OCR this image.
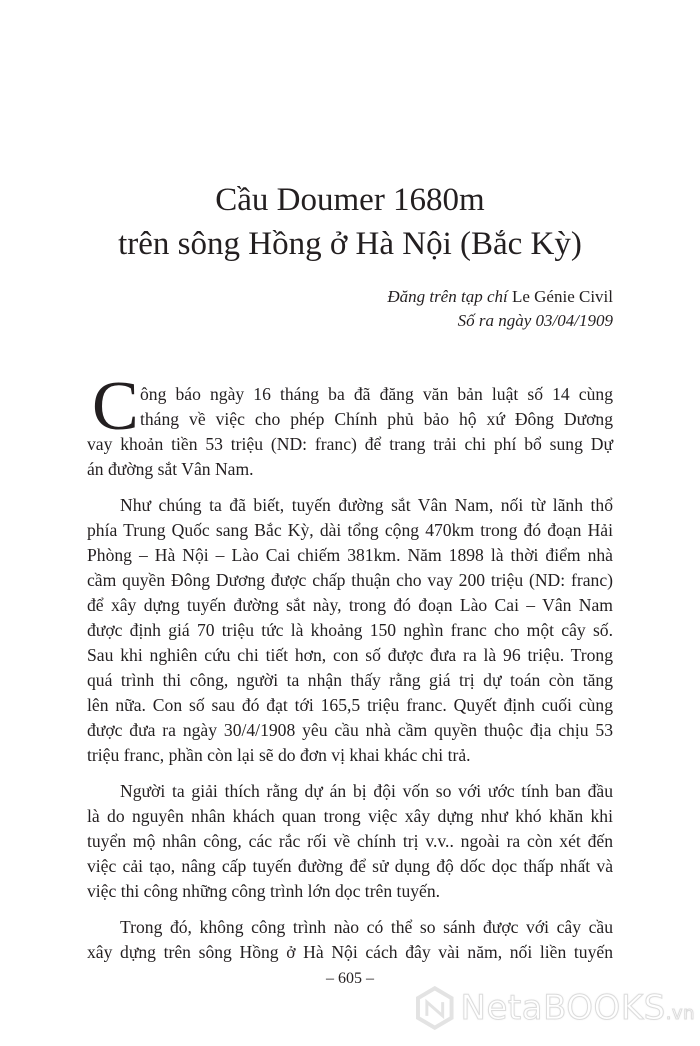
Cầu Doumer 1680m
trên sông Hồng ở Hà Nội (Bắc Kỳ)
Đăng trên tạp chí Le Génie Civil
Số ra ngày 03/04/1909
C ông báo ngày 16 tháng ba đã đăng văn bản luật số 14 cùng
tháng về việc cho phép Chính phủ bảo hộ xứ Đông Dương
vay khoản tiền 53 triệu (ND: franc) để trang trải chi phí bổ sung Dự
án đường sắt Vân Nam.
Như chúng ta đã biết, tuyến đường sắt Vân Nam, nối từ lãnh thổ
phía Trung Quốc sang Bắc Kỳ, dài tổng cộng 470km trong đó đoạn Hải
Phòng – Hà Nội – Lào Cai chiếm 381km. Năm 1898 là thời điểm nhà
cầm quyền Đông Dương được chấp thuận cho vay 200 triệu (ND: franc)
để xây dựng tuyến đường sắt này, trong đó đoạn Lào Cai – Vân Nam
được định giá 70 triệu tức là khoảng 150 nghìn franc cho một cây số.
Sau khi nghiên cứu chi tiết hơn, con số được đưa ra là 96 triệu. Trong
quá trình thi công, người ta nhận thấy rằng giá trị dự toán còn tăng
lên nữa. Con số sau đó đạt tới 165,5 triệu franc. Quyết định cuối cùng
được đưa ra ngày 30/4/1908 yêu cầu nhà cầm quyền thuộc địa chịu 53
triệu franc, phần còn lại sẽ do đơn vị khai khác chi trả.
Người ta giải thích rằng dự án bị đội vốn so với ước tính ban đầu
là do nguyên nhân khách quan trong việc xây dựng như khó khăn khi
tuyển mộ nhân công, các rắc rối về chính trị v.v.. ngoài ra còn xét đến
việc cải tạo, nâng cấp tuyến đường để sử dụng độ dốc dọc thấp nhất và
việc thi công những công trình lớn dọc trên tuyến.
Trong đó, không công trình nào có thể so sánh được với cây cầu
xây dựng trên sông Hồng ở Hà Nội cách đây vài năm, nối liền tuyến
– 605 –
NetaBOOKS.vn
